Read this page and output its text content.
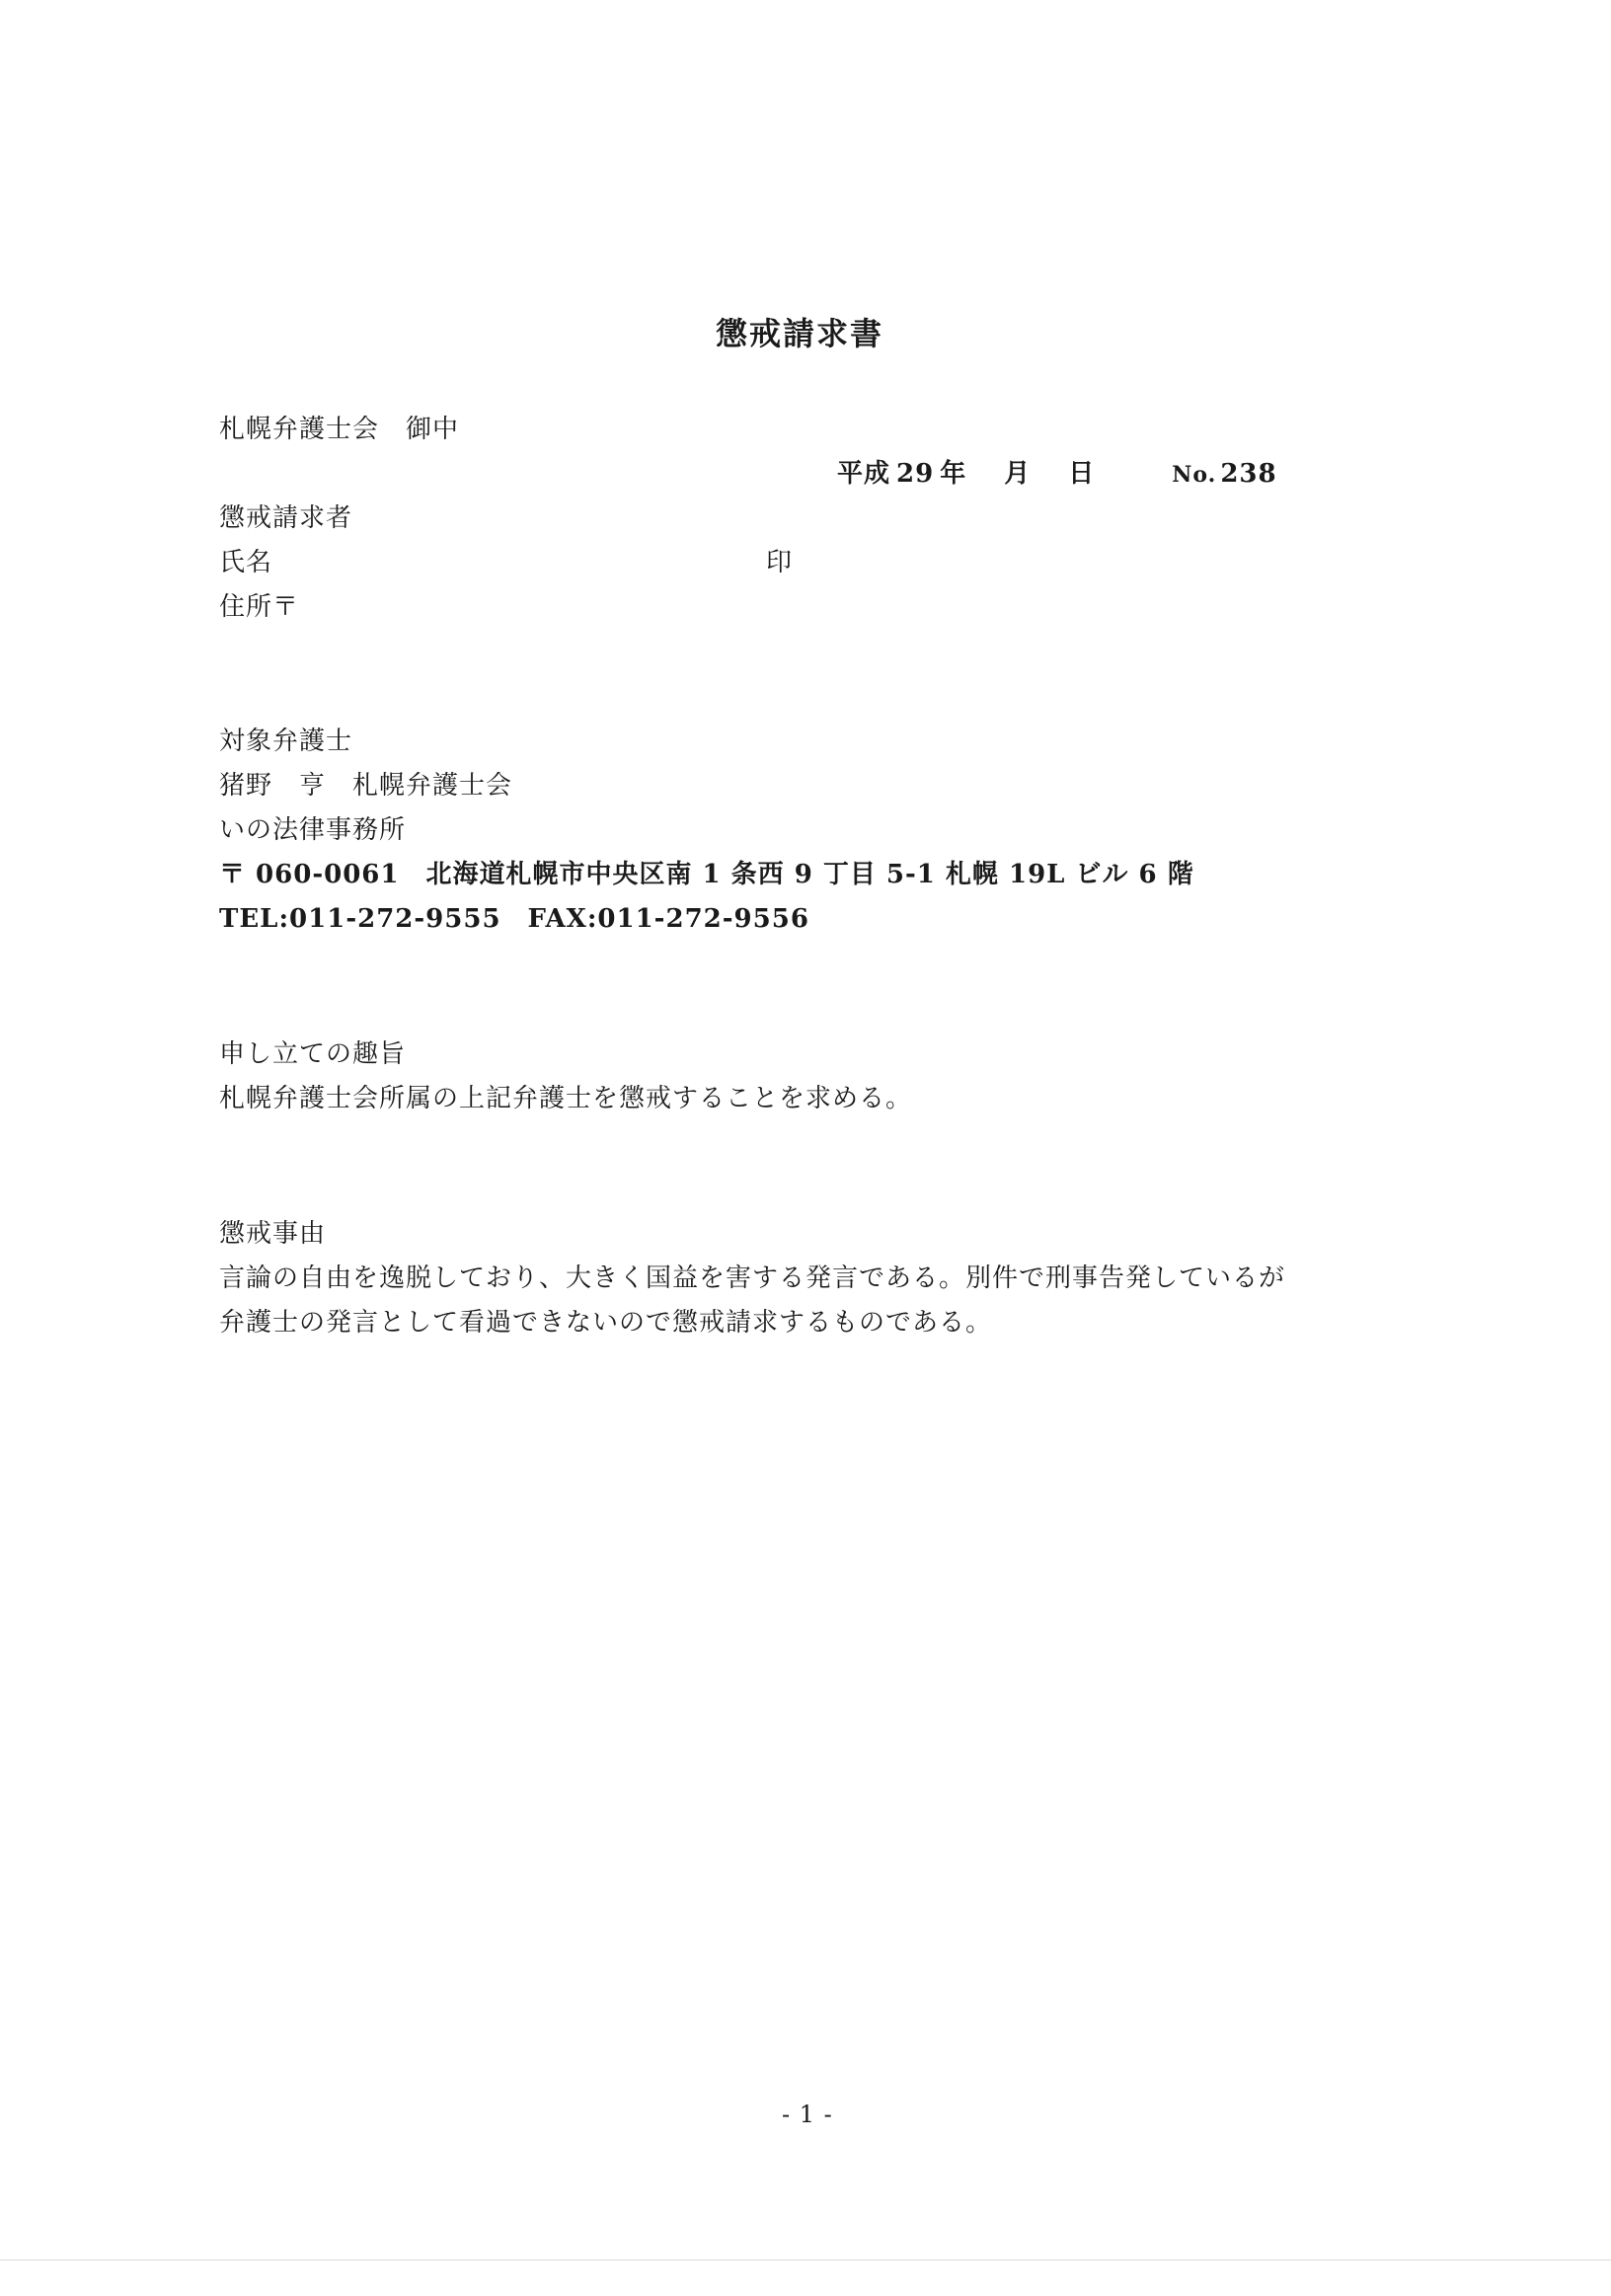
懲戒請求書
札幌弁護士会　御中
平成 29 年 月 日	No. 238
懲戒請求者
氏名	印
住所〒
対象弁護士
猪野　亨　札幌弁護士会
いの法律事務所
〒 060-0061　北海道札幌市中央区南 1 条西 9 丁目 5-1 札幌 19L ビル 6 階
TEL:011-272-9555　FAX:011-272-9556
申し立ての趣旨
札幌弁護士会所属の上記弁護士を懲戒することを求める。
懲戒事由
言論の自由を逸脱しており、大きく国益を害する発言である。別件で刑事告発しているが
弁護士の発言として看過できないので懲戒請求するものである。
- 1 -
